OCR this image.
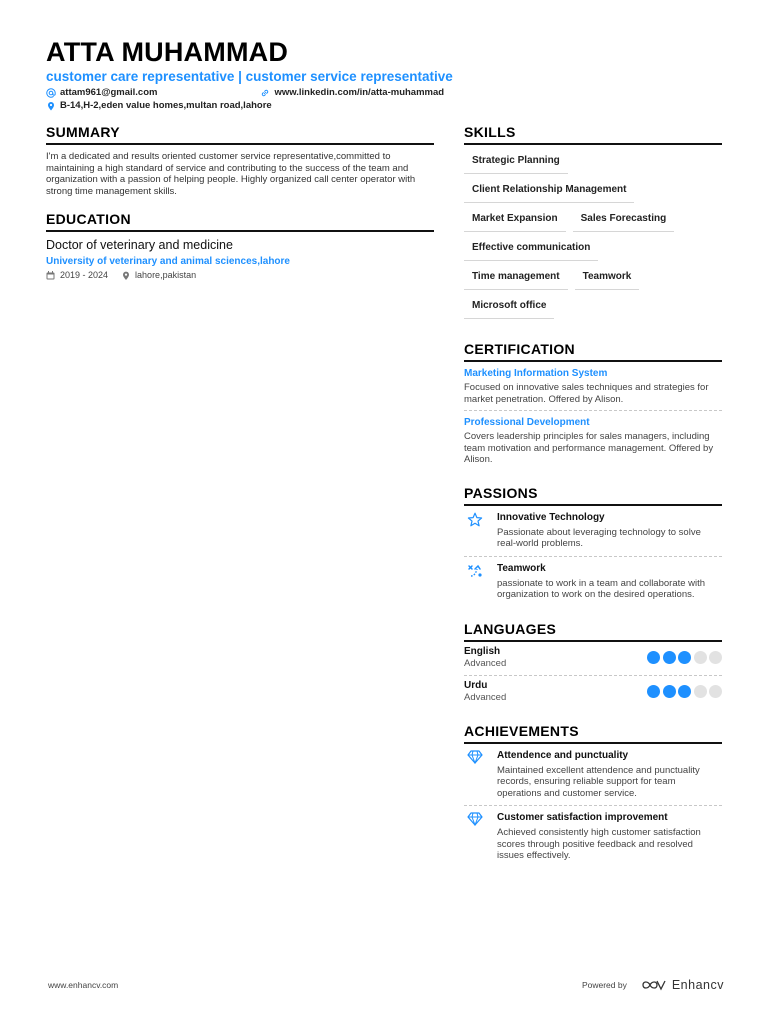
ATTA MUHAMMAD
customer care representative | customer service representative
attam961@gmail.com	www.linkedin.com/in/atta-muhammad
B-14,H-2,eden value homes,multan road,lahore
SUMMARY
I'm a dedicated and results oriented customer service representative,committed to maintaining a high standard of service and contributing to the success of the team and organization with a passion of helping people. Highly organized call center operator with strong time management skills.
EDUCATION
Doctor of veterinary and medicine
University of veterinary and animal sciences,lahore
2019 - 2024	lahore,pakistan
SKILLS
Strategic Planning
Client Relationship Management
Market Expansion	Sales Forecasting
Effective communication
Time management	Teamwork
Microsoft office
CERTIFICATION
Marketing Information System
Focused on innovative sales techniques and strategies for market penetration. Offered by Alison.
Professional Development
Covers leadership principles for sales managers, including team motivation and performance management. Offered by Alison.
PASSIONS
Innovative Technology
Passionate about leveraging technology to solve real-world problems.
Teamwork
passionate to work in a team and collaborate with organization to work on the desired operations.
LANGUAGES
English
Advanced
Urdu
Advanced
ACHIEVEMENTS
Attendence and punctuality
Maintained excellent attendence and punctuality records, ensuring reliable support for team operations and customer service.
Customer satisfaction improvement
Achieved consistently high customer satisfaction scores through positive feedback and resolved issues effectively.
www.enhancv.com	Powered by	Enhancv
